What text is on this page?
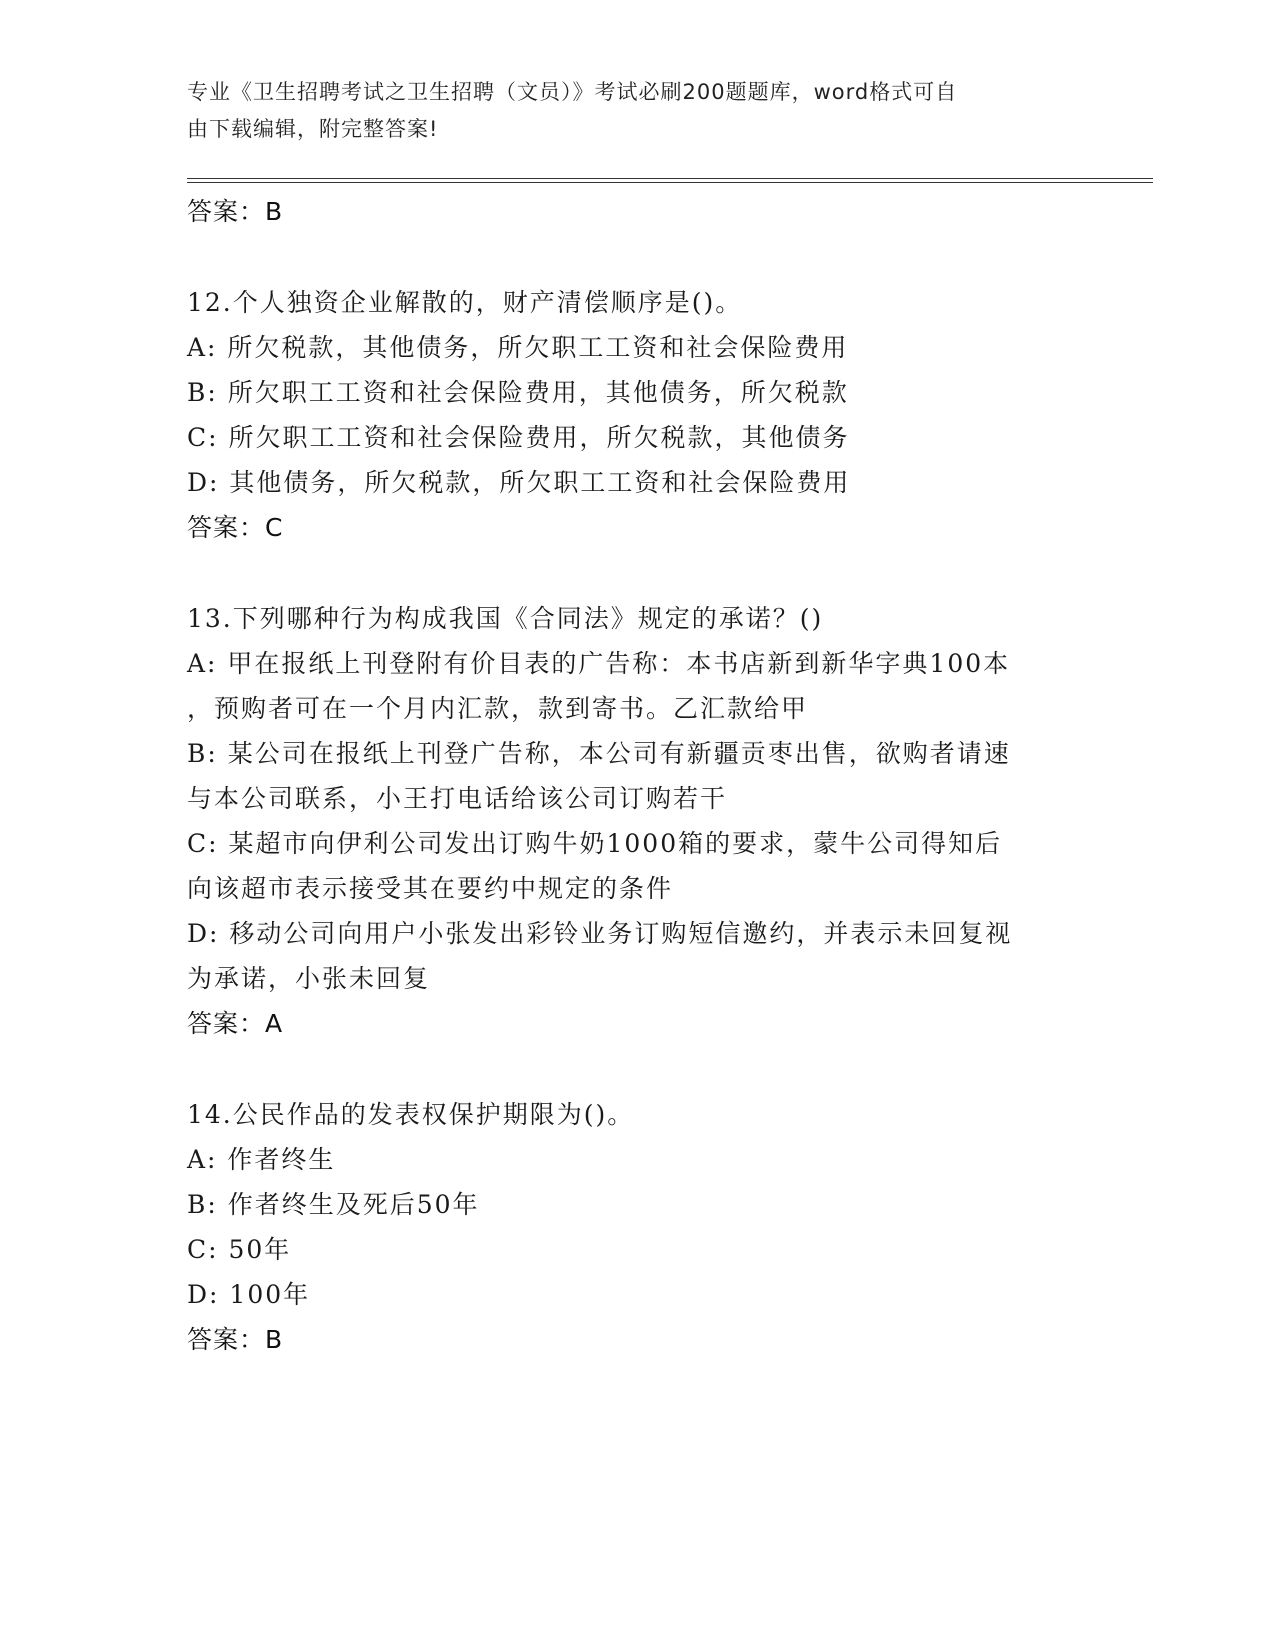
专业《卫生招聘考试之卫生招聘（文员）》考试必刷200题题库，word格式可自
由下载编辑，附完整答案!
答案：B
12.个人独资企业解散的，财产清偿顺序是()。
A: 所欠税款，其他债务，所欠职工工资和社会保险费用
B: 所欠职工工资和社会保险费用，其他债务，所欠税款
C: 所欠职工工资和社会保险费用，所欠税款，其他债务
D: 其他债务，所欠税款，所欠职工工资和社会保险费用
答案：C
13.下列哪种行为构成我国《合同法》规定的承诺？()
A: 甲在报纸上刊登附有价目表的广告称：本书店新到新华字典100本
，预购者可在一个月内汇款，款到寄书。乙汇款给甲
B: 某公司在报纸上刊登广告称，本公司有新疆贡枣出售，欲购者请速
与本公司联系，小王打电话给该公司订购若干
C: 某超市向伊利公司发出订购牛奶1000箱的要求，蒙牛公司得知后
向该超市表示接受其在要约中规定的条件
D: 移动公司向用户小张发出彩铃业务订购短信邀约，并表示未回复视
为承诺，小张未回复
答案：A
14.公民作品的发表权保护期限为()。
A: 作者终生
B: 作者终生及死后50年
C: 50年
D: 100年
答案：B
